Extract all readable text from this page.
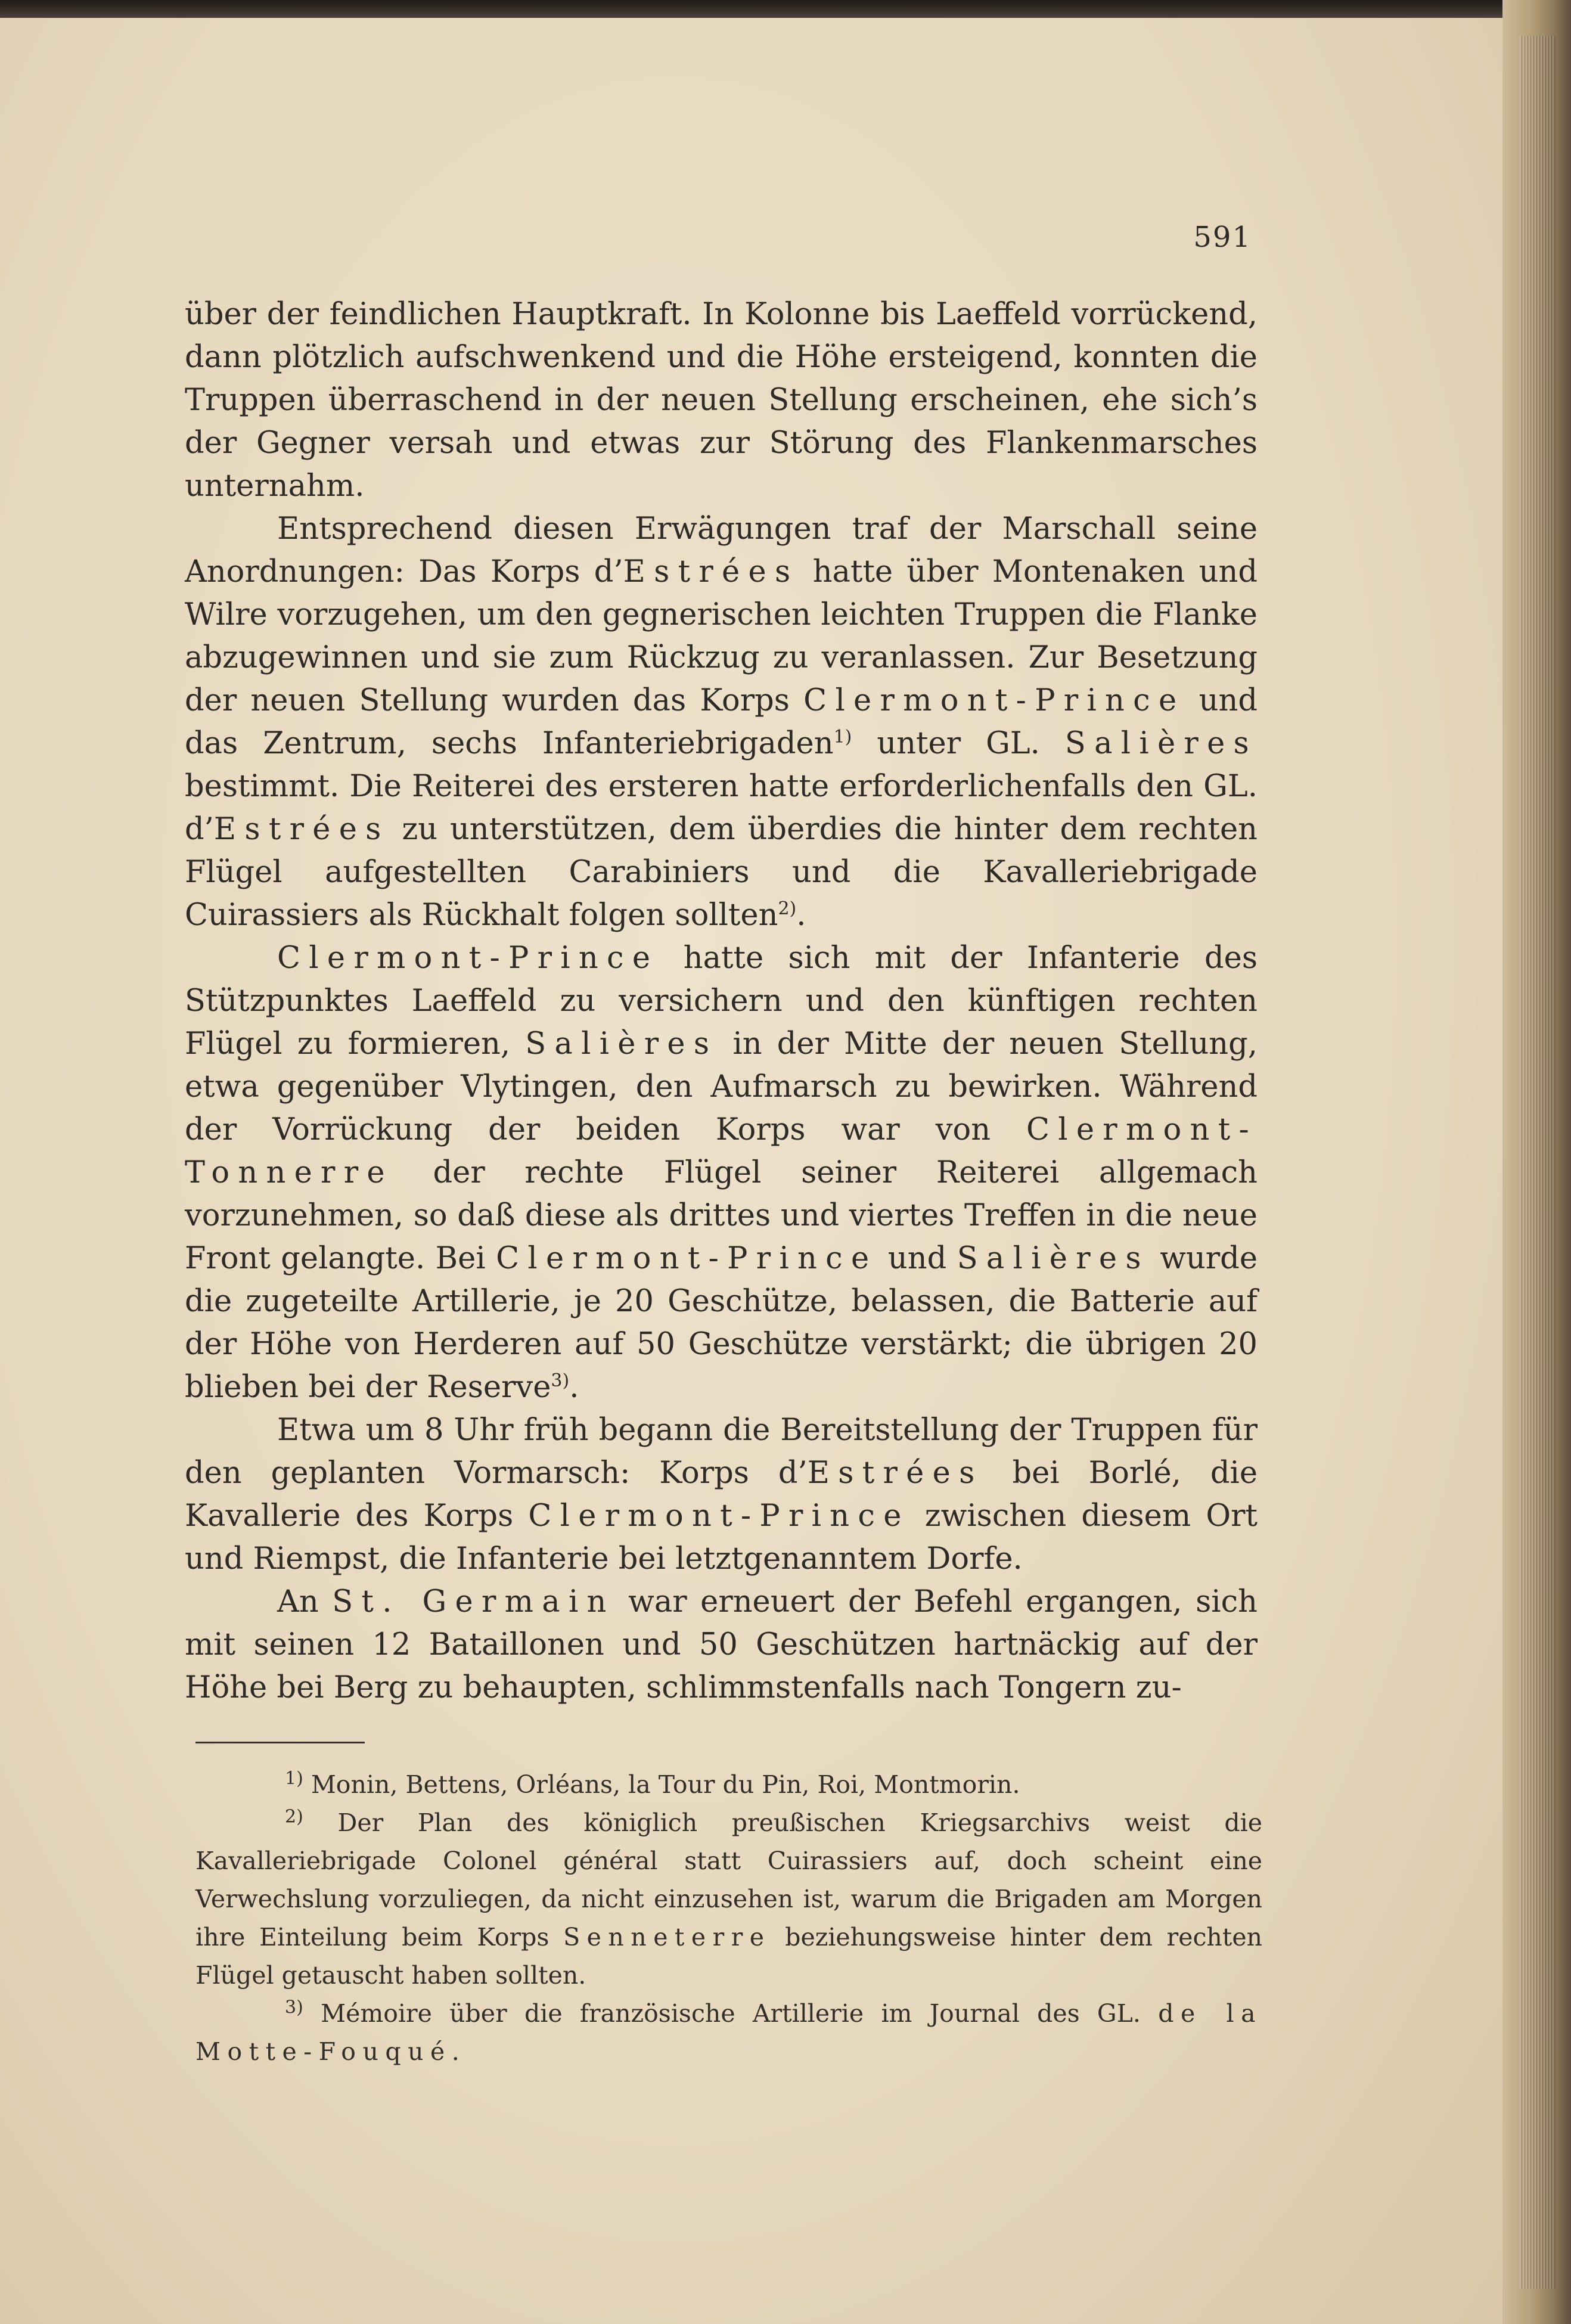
591

über der feindlichen Hauptkraft. In Kolonne bis Laeffeld vorrückend, dann plötzlich aufschwenkend und die Höhe ersteigend, konnten die Truppen überraschend in der neuen Stellung erscheinen, ehe sich’s der Gegner versah und etwas zur Störung des Flankenmarsches unternahm.

Entsprechend diesen Erwägungen traf der Marschall seine Anordnungen: Das Korps d’Estrées hatte über Montenaken und Wilre vorzugehen, um den gegnerischen leichten Truppen die Flanke abzugewinnen und sie zum Rückzug zu veranlassen. Zur Besetzung der neuen Stellung wurden das Korps Clermont-Prince und das Zentrum, sechs Infanteriebrigaden$^{1)}$ unter GL. Salières bestimmt. Die Reiterei des ersteren hatte erforderlichenfalls den GL. d’Estrées zu unterstützen, dem überdies die hinter dem rechten Flügel aufgestellten Carabiniers und die Kavalleriebrigade Cuirassiers als Rückhalt folgen sollten$^{2)}$.

Clermont-Prince hatte sich mit der Infanterie des Stützpunktes Laeffeld zu versichern und den künftigen rechten Flügel zu formieren, Salières in der Mitte der neuen Stellung, etwa gegenüber Vlytingen, den Aufmarsch zu bewirken. Während der Vorrückung der beiden Korps war von Clermont-Tonnerre der rechte Flügel seiner Reiterei allgemach vorzunehmen, so daß diese als drittes und viertes Treffen in die neue Front gelangte. Bei Clermont-Prince und Salières wurde die zugeteilte Artillerie, je 20 Geschütze, belassen, die Batterie auf der Höhe von Herderen auf 50 Geschütze verstärkt; die übrigen 20 blieben bei der Reserve$^{3)}$.

Etwa um 8 Uhr früh begann die Bereitstellung der Truppen für den geplanten Vormarsch: Korps d’Estrées bei Borlé, die Kavallerie des Korps Clermont-Prince zwischen diesem Ort und Riempst, die Infanterie bei letztgenanntem Dorfe.

An St. Germain war erneuert der Befehl ergangen, sich mit seinen 12 Bataillonen und 50 Geschützen hartnäckig auf der Höhe bei Berg zu behaupten, schlimmstenfalls nach Tongern zu-

$^{1)}$ Monin, Bettens, Orléans, la Tour du Pin, Roi, Montmorin.

$^{2)}$ Der Plan des königlich preußischen Kriegsarchivs weist die Kavalleriebrigade Colonel général statt Cuirassiers auf, doch scheint eine Verwechslung vorzuliegen, da nicht einzusehen ist, warum die Brigaden am Morgen ihre Einteilung beim Korps Senneterre beziehungsweise hinter dem rechten Flügel getauscht haben sollten.

$^{3)}$ Mémoire über die französische Artillerie im Journal des GL. de la Motte-Fouqué.
